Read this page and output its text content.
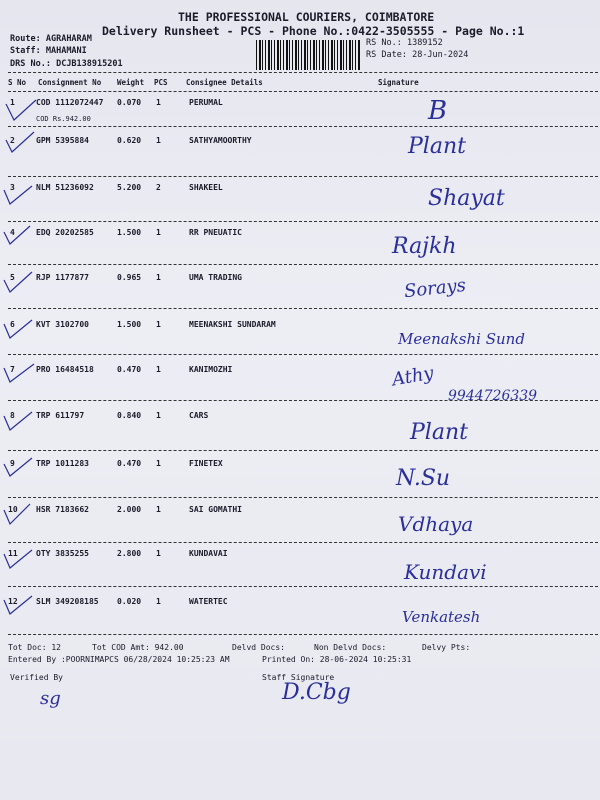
THE PROFESSIONAL COURIERS, COIMBATORE
Delivery Runsheet - PCS - Phone No.:0422-3505555 - Page No.:1
Route: AGRAHARAM
Staff: MAHAMANI
DRS No.: DCJB138915201
RS No.: 1389152
RS Date: 28-Jun-2024
S No Consignment No Weight PCS Consignee Details	Signature
1	COD 1112072447 0.070 1	PERUMAL
COD Rs.942.00	B
2	GPM 5395884	0.620 1	SATHYAMOORTHY	Plant
3	NLM 51236092	5.200 2	SHAKEEL	Shayat
4	EDQ 20202585	1.500 1	RR PNEUATIC
Rajkh
5	RJP 1177877	0.965 1	UMA TRADING	Sorays
6	KVT 3102700	1.500 1	MEENAKSHI SUNDARAM
Meenakshi Sund
7	PRO 16484518	0.470 1	KANIMOZHI	Athy
9944726339
8	TRP 611797	0.840 1	CARS
Plant
9	TRP 1011283	0.470 1	FINETEX
N.Su
10 HSR 7183662	2.000 1	SAI GOMATHI
Vdhaya
11 OTY 3835255	2.800 1	KUNDAVAI
Kundavi
12 SLM 349208185 0.020 1	WATERTEC
Venkatesh
Tot Doc: 12	Tot COD Amt: 942.00	Delvd Docs:	Non Delvd Docs:	Delvy Pts:
Entered By :POORNIMAPCS 06/28/2024 10:25:23 AM	Printed On: 28-06-2024 10:25:31
Verified By	Staff Signature
sg	D.Cbg
